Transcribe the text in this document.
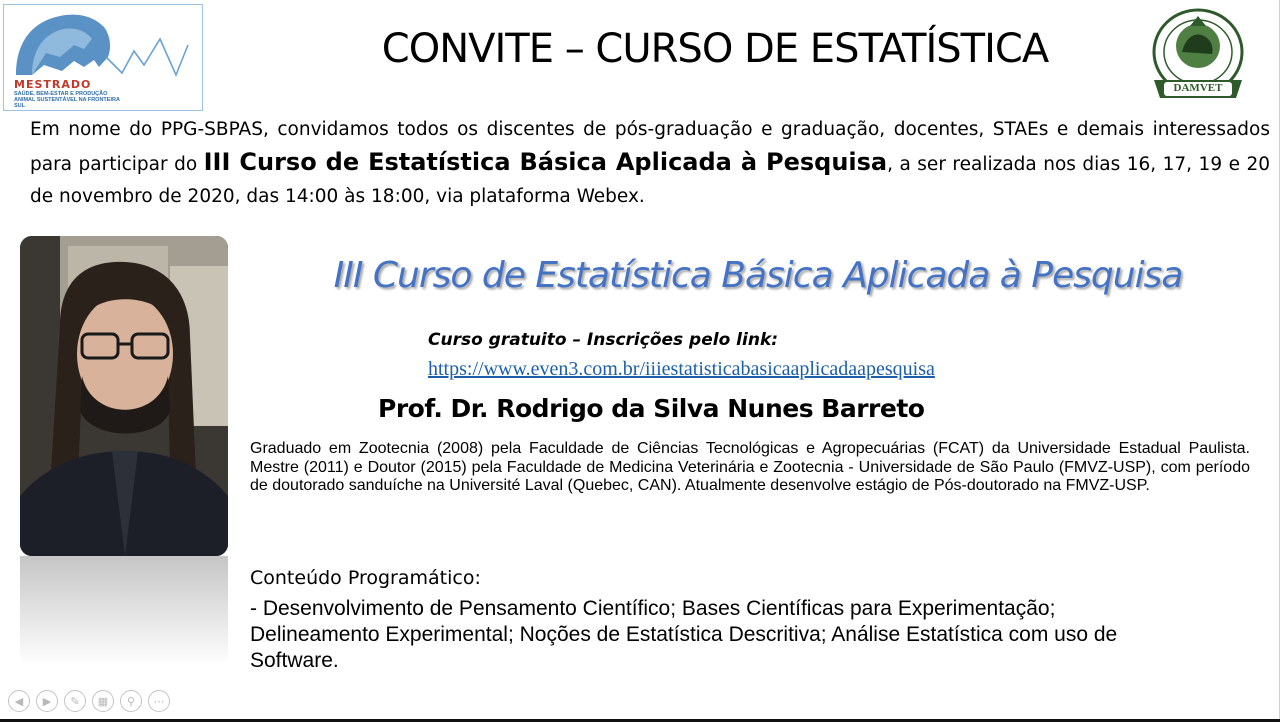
MESTRADO
SAÚDE, BEM-ESTAR E PRODUÇÃO ANIMAL SUSTENTÁVEL NA FRONTEIRA SUL
CONVITE – CURSO DE ESTATÍSTICA
DAMVET
Em nome do PPG-SBPAS, convidamos todos os discentes de pós-graduação e graduação, docentes, STAEs e demais interessados para participar do III Curso de Estatística Básica Aplicada à Pesquisa, a ser realizada nos dias 16, 17, 19 e 20 de novembro de 2020, das 14:00 às 18:00, via plataforma Webex.
III Curso de Estatística Básica Aplicada à Pesquisa
Curso gratuito – Inscrições pelo link:
https://www.even3.com.br/iiiestatisticabasicaaplicadaapesquisa
Prof. Dr. Rodrigo da Silva Nunes Barreto
Graduado em Zootecnia (2008) pela Faculdade de Ciências Tecnológicas e Agropecuárias (FCAT) da Universidade Estadual Paulista. Mestre (2011) e Doutor (2015) pela Faculdade de Medicina Veterinária e Zootecnia - Universidade de São Paulo (FMVZ-USP), com período de doutorado sanduíche na Université Laval (Quebec, CAN). Atualmente desenvolve estágio de Pós-doutorado na FMVZ-USP.
Conteúdo Programático:
- Desenvolvimento de Pensamento Científico; Bases Científicas para Experimentação; Delineamento Experimental; Noções de Estatística Descritiva; Análise Estatística com uso de Software.
◀ ▶ ✎ ▦ ⚲ ⋯
